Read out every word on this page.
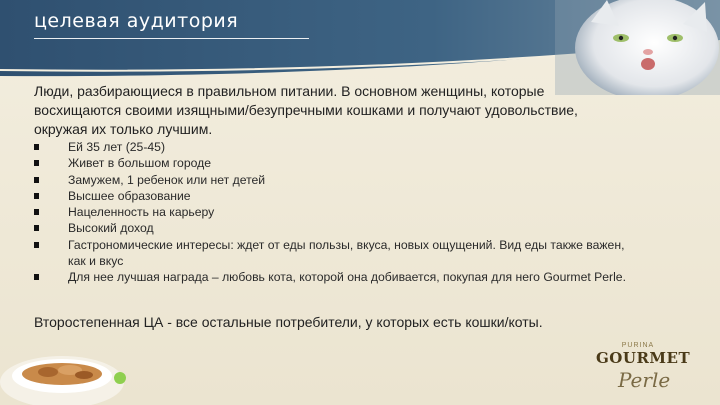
целевая аудитория
Люди, разбирающиеся в правильном питании. В основном женщины, которые восхищаются своими изящными/безупречными кошками и получают удовольствие, окружая их только лучшим.
Ей 35 лет (25-45)
Живет в большом городе
Замужем, 1 ребенок или нет детей
Высшее образование
Нацеленность на карьеру
Высокий доход
Гастрономические интересы: ждет от еды пользы, вкуса, новых ощущений. Вид еды также важен, как и вкус
Для нее лучшая награда – любовь кота, которой она добивается, покупая для него Gourmet Perle.
Второстепенная ЦА - все остальные потребители, у которых есть кошки/коты.
PURINA
GOURMET
Perle
